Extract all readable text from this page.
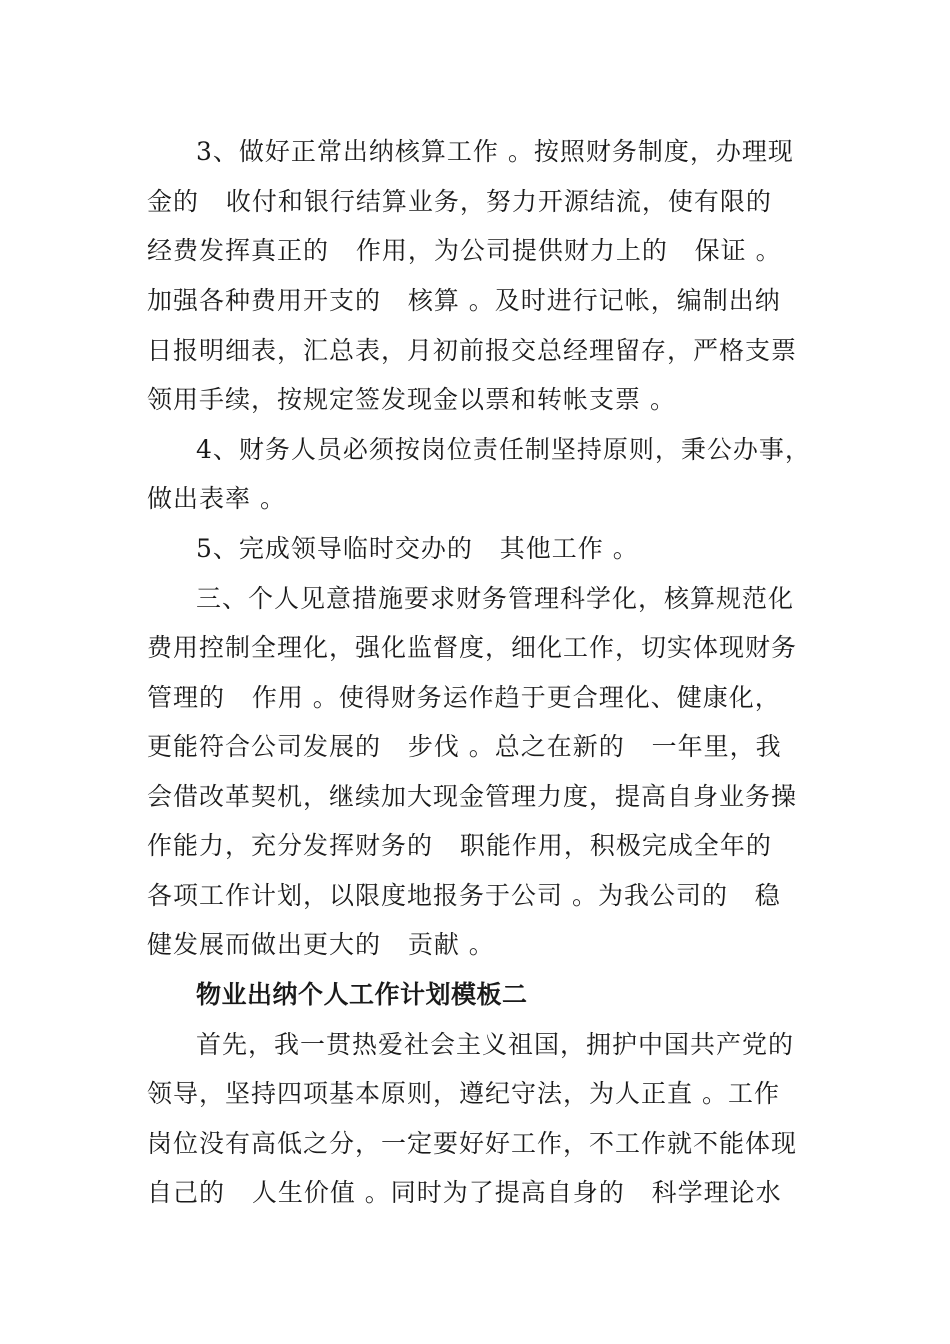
3、做好正常出纳核算工作 。按照财务制度，办理现
金的   收付和银行结算业务，努力开源结流，使有限的
经费发挥真正的   作用，为公司提供财力上的   保证 。
加强各种费用开支的   核算 。及时进行记帐，编制出纳
日报明细表，汇总表，月初前报交总经理留存，严格支票
领用手续，按规定签发现金以票和转帐支票 。
4、财务人员必须按岗位责任制坚持原则，秉公办事，
做出表率 。
5、完成领导临时交办的   其他工作 。
三、个人见意措施要求财务管理科学化，核算规范化
费用控制全理化，强化监督度，细化工作，切实体现财务
管理的   作用 。使得财务运作趋于更合理化、健康化，
更能符合公司发展的   步伐 。总之在新的   一年里，我
会借改革契机，继续加大现金管理力度，提高自身业务操
作能力，充分发挥财务的   职能作用，积极完成全年的
各项工作计划，以限度地报务于公司 。为我公司的   稳
健发展而做出更大的   贡献 。
物业出纳个人工作计划模板二
首先，我一贯热爱社会主义祖国，拥护中国共产党的
领导，坚持四项基本原则，遵纪守法，为人正直 。工作
岗位没有高低之分，一定要好好工作，不工作就不能体现
自己的   人生价值 。同时为了提高自身的   科学理论水
